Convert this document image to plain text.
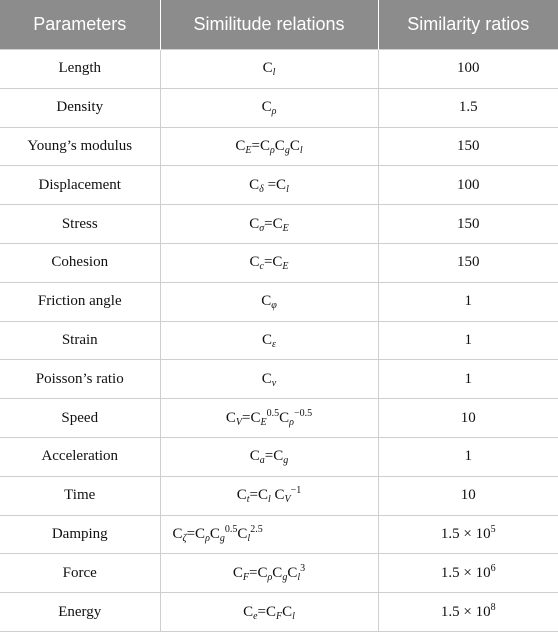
Parameters	Similitude relations	Similarity ratios
Length	$C_l$	100
Density	$C_\rho$	1.5
Young’s modulus	$C_E=C_\rho C_gC_l$	150
Displacement	$C_\delta =C_l$	100
Stress	$C_\sigma=C_E$	150
Cohesion	$C_c=C_E$	150
Friction angle	$C_\varphi$	1
Strain	$C_\varepsilon$	1
Poisson’s ratio	$C_\nu$	1
Speed	$C_V=C_E^{0.5}C_\rho^{-0.5}$	10
Acceleration	$C_a=C_g$	1
Time	$C_t=C_l$ $C_V^{-1}$	10
Damping	$C_\zeta=C_\rho C_g^{0.5}C_l^{2.5}$	$1.5 \times 10^5$
Force	$C_F=C_\rho C_gC_l^3$	$1.5 \times 10^6$
Energy	$C_e=C_FC_l$	$1.5 \times 10^8$
